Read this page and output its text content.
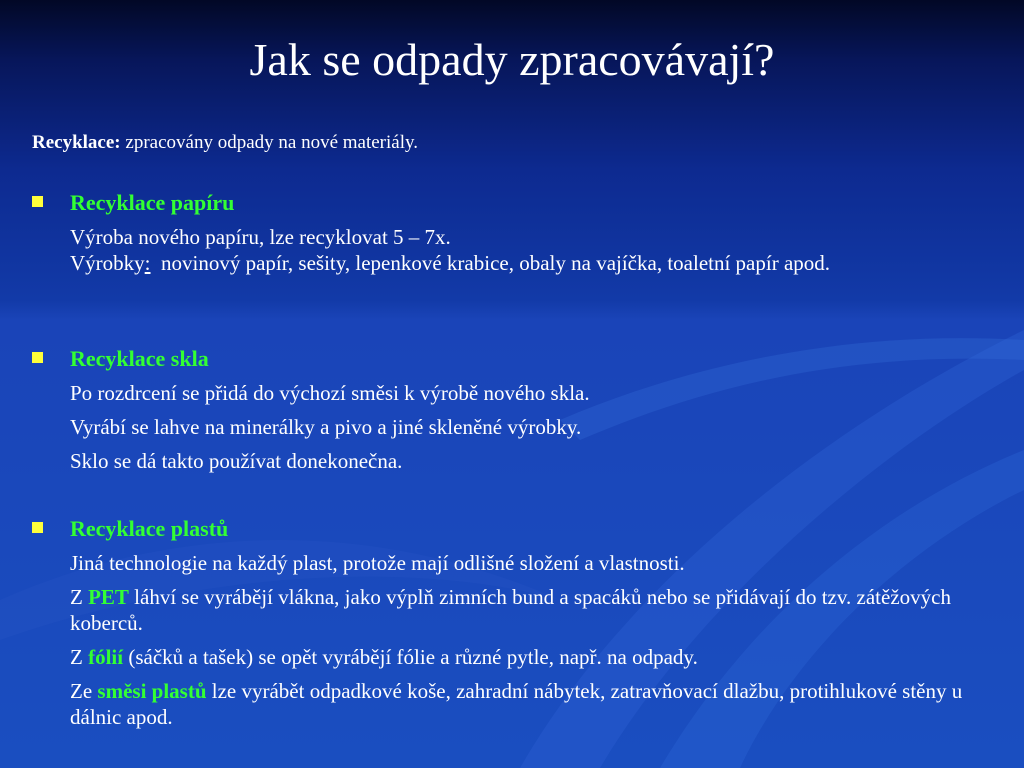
Jak se odpady zpracovávají?
Recyklace: zpracovány odpady na nové materiály.
Recyklace papíru
Výroba nového papíru, lze recyklovat 5 – 7x.
Výrobky: novinový papír, sešity, lepenkové krabice, obaly na vajíčka, toaletní papír apod.
Recyklace skla
Po rozdrcení se přidá do výchozí směsi k výrobě nového skla.
Vyrábí se lahve na minerálky a pivo a jiné skleněné výrobky.
Sklo se dá takto používat donekonečna.
Recyklace plastů
Jiná technologie na každý plast, protože mají odlišné složení a vlastnosti.
Z PET láhví se vyrábějí vlákna, jako výplň zimních bund a spacáků nebo se přidávají do tzv. zátěžových koberců.
Z fólií (sáčků a tašek) se opět vyrábějí fólie a různé pytle, např. na odpady.
Ze směsi plastů lze vyrábět odpadkové koše, zahradní nábytek, zatravňovací dlažbu, protihlukové stěny u dálnic apod.
